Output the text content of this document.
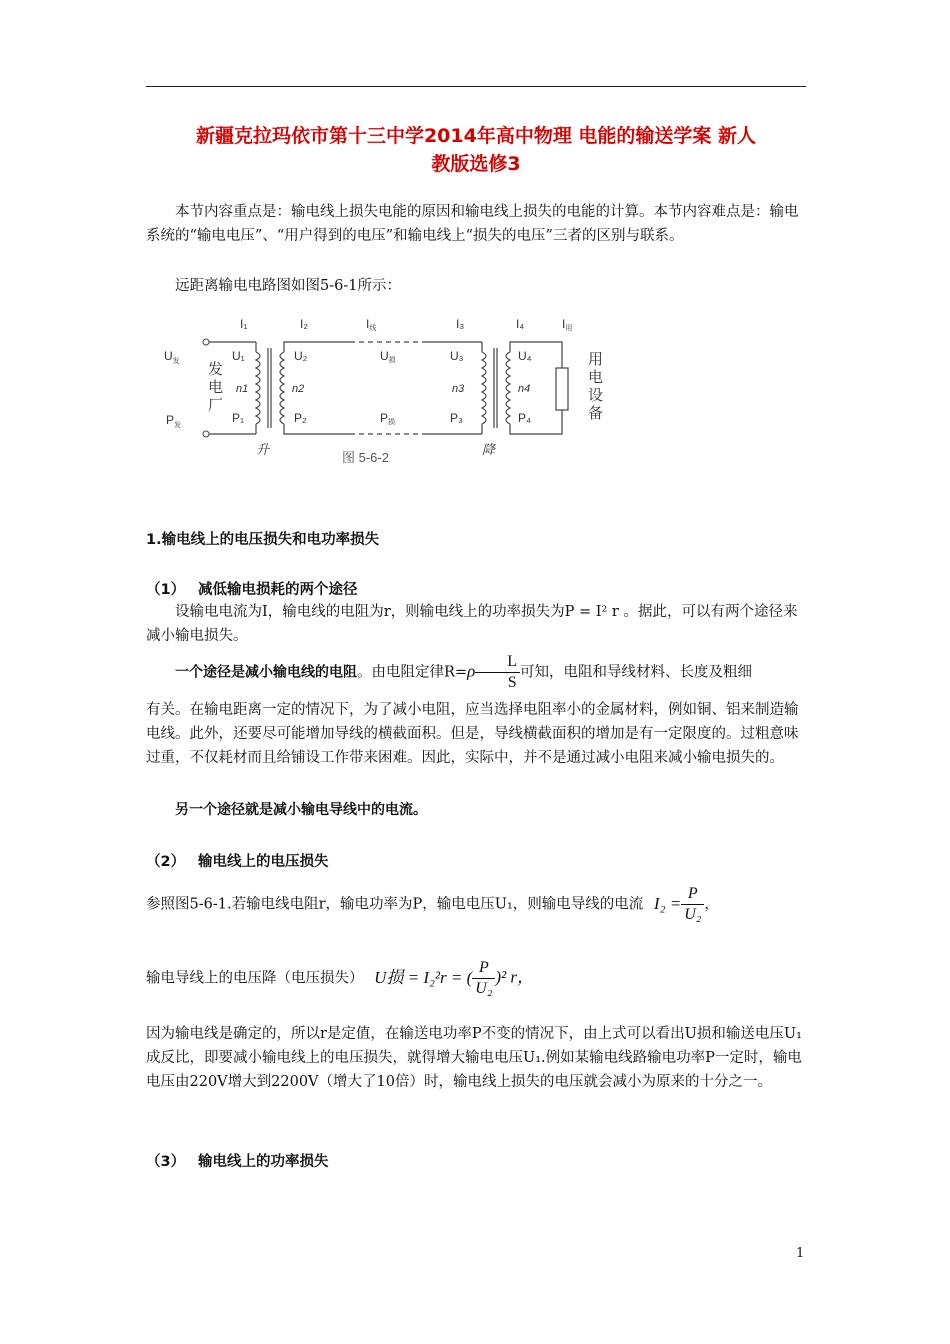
新疆克拉玛依市第十三中学2014年高中物理 电能的输送学案 新人
教版选修3

本节内容重点是：输电线上损失电能的原因和输电线上损失的电能的计算。本节内容难点是：输电系统的“输电电压”、“用户得到的电压”和输电线上“损失的电压”三者的区别与联系。

远距离输电电路图如图5-6-1所示：

I₁	I₂	I线	I₃	I₄	I用
$U_发$
$P_发$
发
电
厂
用
电
设
备
U₁	U₂	U损	U₃	U₄
n1	n2	n3	n4
P₁	P₂	P损	P₃	P₄
升	降
图 5-6-2
1.输电线上的电压损失和电功率损失
（1） 减低输电损耗的两个途径

设输电电流为I，输电线的电阻为r，则输电线上的功率损失为P = I² r 。据此，可以有两个途径来减小输电损失。

一个途径是减小输电线的电阻。由电阻定律$R=\rho \frac{L}{S}$ 可知，电阻和导线材料、长度及粗细

有关。在输电距离一定的情况下，为了减小电阻，应当选择电阻率小的金属材料，例如铜、铝来制造输电线。此外，还要尽可能增加导线的横截面积。但是，导线横截面积的增加是有一定限度的。过粗意味过重，不仅耗材而且给铺设工作带来困难。因此，实际中，并不是通过减小电阻来减小输电损失的。

另一个途径就是减小输电导线中的电流。

（2） 输电线上的电压损失
参照图5-6-1.若输电线电阻r，输电功率为P，输电电压U₁，则输电导线的电流 $I_2 = \frac{P}{\text{U₂}}$ ，
输电导线上的电压降（电压损失） U损 = I₂²r = ( $\frac{P}{\text{U₂}} )^2$ r，

因为输电线是确定的，所以r是定值，在输送电功率P不变的情况下，由上式可以看出U损和输送电压U₁成反比，即要减小输电线上的电压损失，就得增大输电电压U₁.例如某输电线路输电功率P一定时，输电电压由220V增大到2200V（增大了10倍）时，输电线上损失的电压就会减小为原来的十分之一。

（3） 输电线上的功率损失
1
